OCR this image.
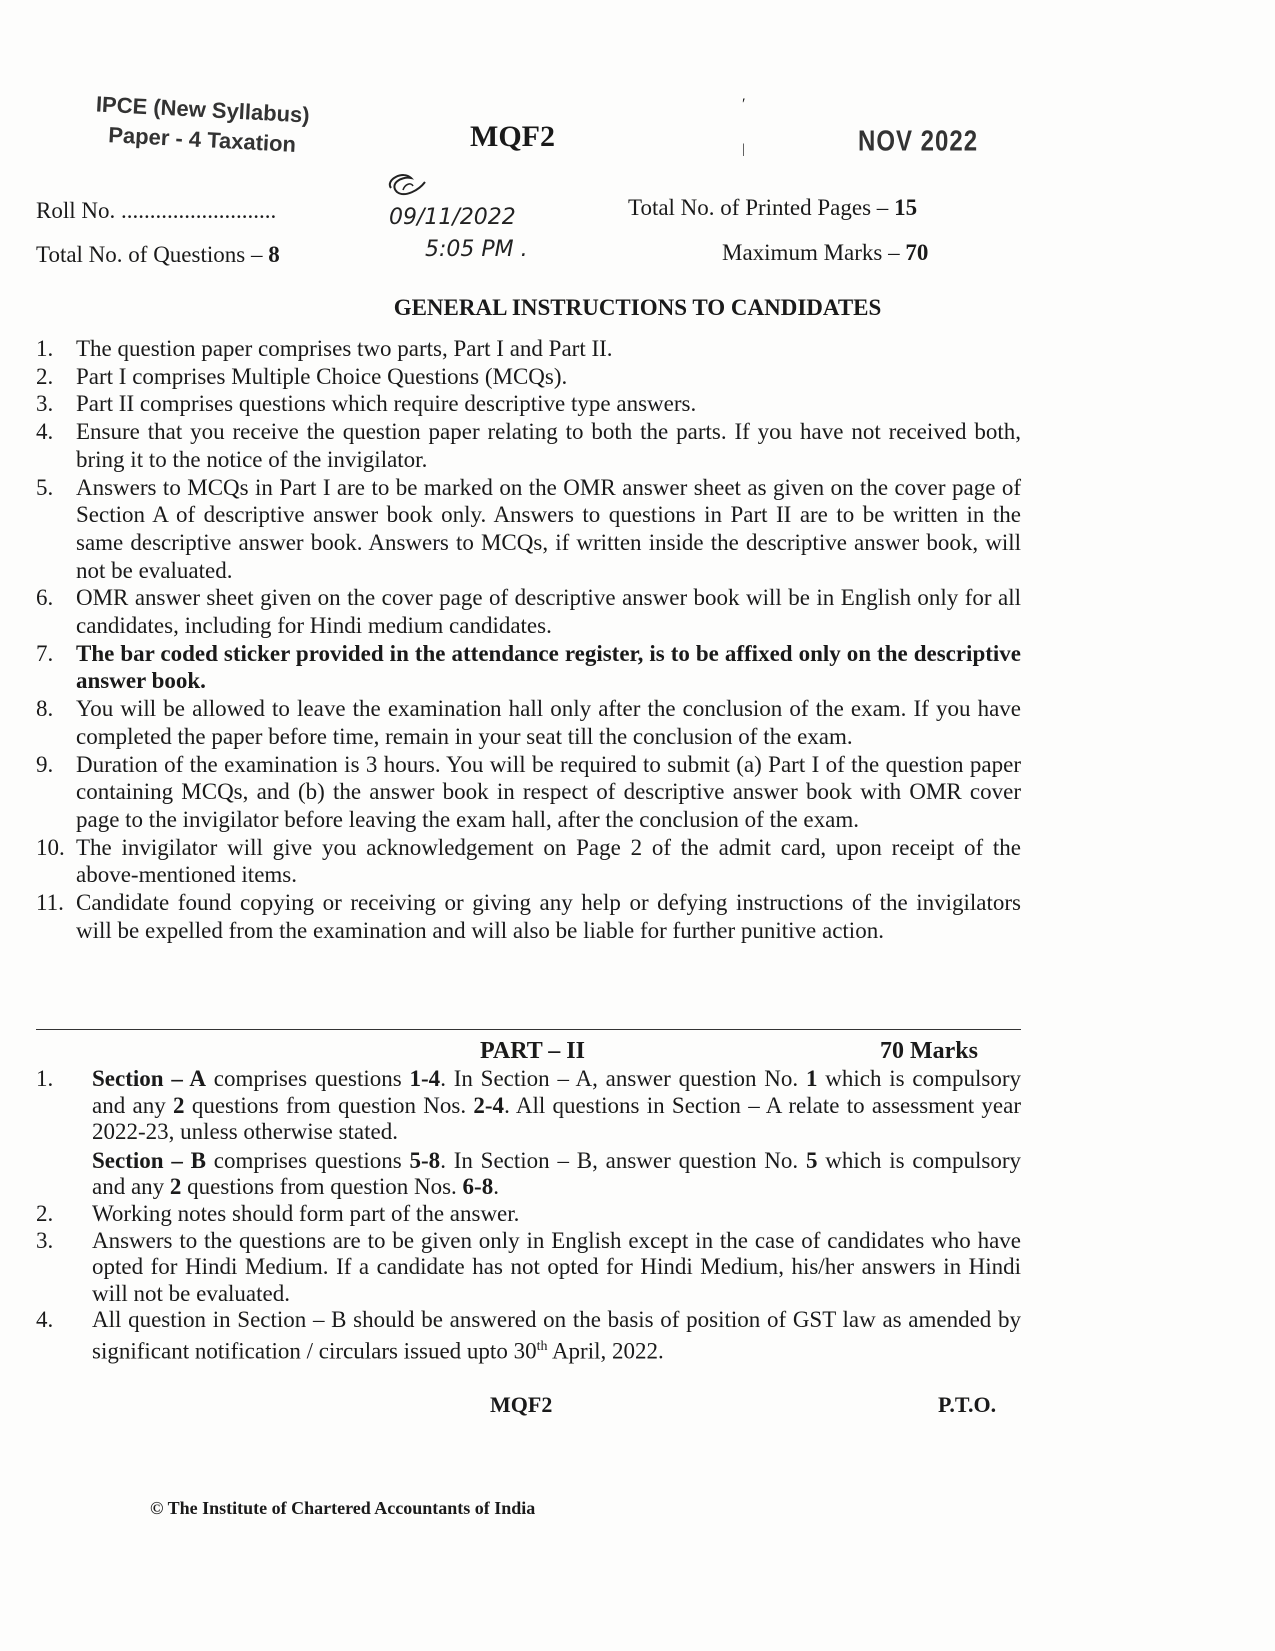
IPCE (New Syllabus)
Paper - 4 Taxation	MQF2
′
|	NOV 2022
09/11/2022
5:05 PM .
Roll No. ...........................	Total No. of Printed Pages – 15
Total No. of Questions – 8	Maximum Marks – 70
GENERAL INSTRUCTIONS TO CANDIDATES
1. The question paper comprises two parts, Part I and Part II.
2. Part I comprises Multiple Choice Questions (MCQs).
3. Part II comprises questions which require descriptive type answers.
4. Ensure that you receive the question paper relating to both the parts. If you have not received both, bring it to the notice of the invigilator.
5. Answers to MCQs in Part I are to be marked on the OMR answer sheet as given on the cover page of Section A of descriptive answer book only. Answers to questions in Part II are to be written in the same descriptive answer book. Answers to MCQs, if written inside the descriptive answer book, will not be evaluated.
6. OMR answer sheet given on the cover page of descriptive answer book will be in English only for all candidates, including for Hindi medium candidates.
7. The bar coded sticker provided in the attendance register, is to be affixed only on the descriptive answer book.
8. You will be allowed to leave the examination hall only after the conclusion of the exam. If you have completed the paper before time, remain in your seat till the conclusion of the exam.
9. Duration of the examination is 3 hours. You will be required to submit (a) Part I of the question paper containing MCQs, and (b) the answer book in respect of descriptive answer book with OMR cover page to the invigilator before leaving the exam hall, after the conclusion of the exam.
10. The invigilator will give you acknowledgement on Page 2 of the admit card, upon receipt of the above-mentioned items.
11. Candidate found copying or receiving or giving any help or defying instructions of the invigilators will be expelled from the examination and will also be liable for further punitive action.
PART – II	70 Marks
1.	Section – A comprises questions 1-4. In Section – A, answer question No. 1 which is compulsory and any 2 questions from question Nos. 2-4. All questions in Section – A relate to assessment year 2022-23, unless otherwise stated.
Section – B comprises questions 5-8. In Section – B, answer question No. 5 which is compulsory and any 2 questions from question Nos. 6-8.
2.	Working notes should form part of the answer.
3.	Answers to the questions are to be given only in English except in the case of candidates who have opted for Hindi Medium. If a candidate has not opted for Hindi Medium, his/her answers in Hindi will not be evaluated.
4.	All question in Section – B should be answered on the basis of position of GST law as amended by significant notification / circulars issued upto 30th April, 2022.
MQF2	P.T.O.
© The Institute of Chartered Accountants of India
